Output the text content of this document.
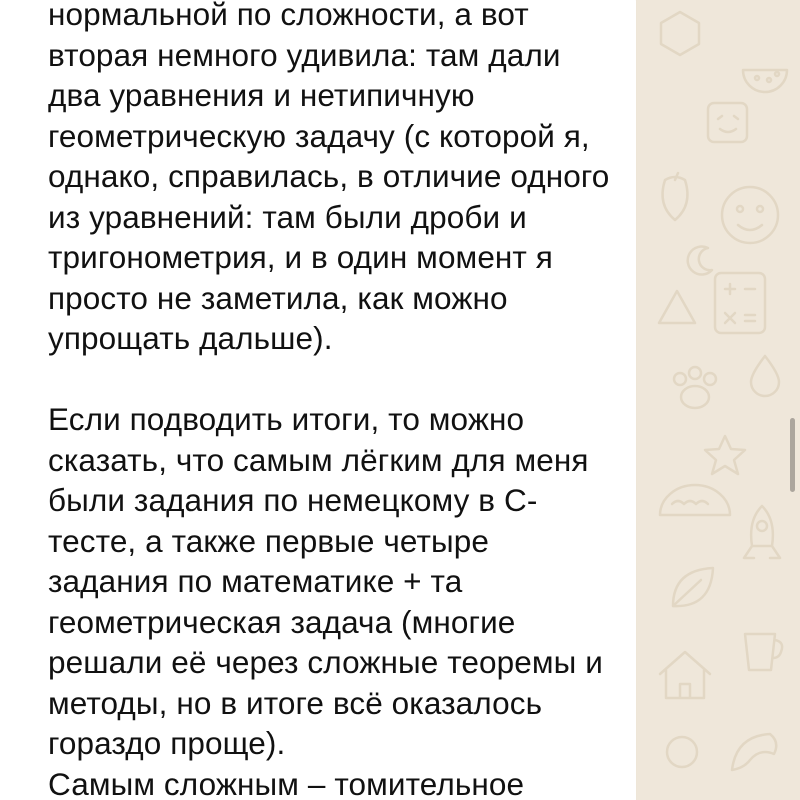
нормальной по сложности, а вот
вторая немного удивила: там дали
два уравнения и нетипичную
геометрическую задачу (с которой я,
однако, справилась, в отличие одного
из уравнений: там были дроби и
тригонометрия, и в один момент я
просто не заметила, как можно
упрощать дальше).
Если подводить итоги, то можно
сказать, что самым лёгким для меня
были задания по немецкому в С-
тесте, а также первые четыре
задания по математике + та
геометрическая задача (многие
решали её через сложные теоремы и
методы, но в итоге всё оказалось
гораздо проще).
Самым сложным – томительное
